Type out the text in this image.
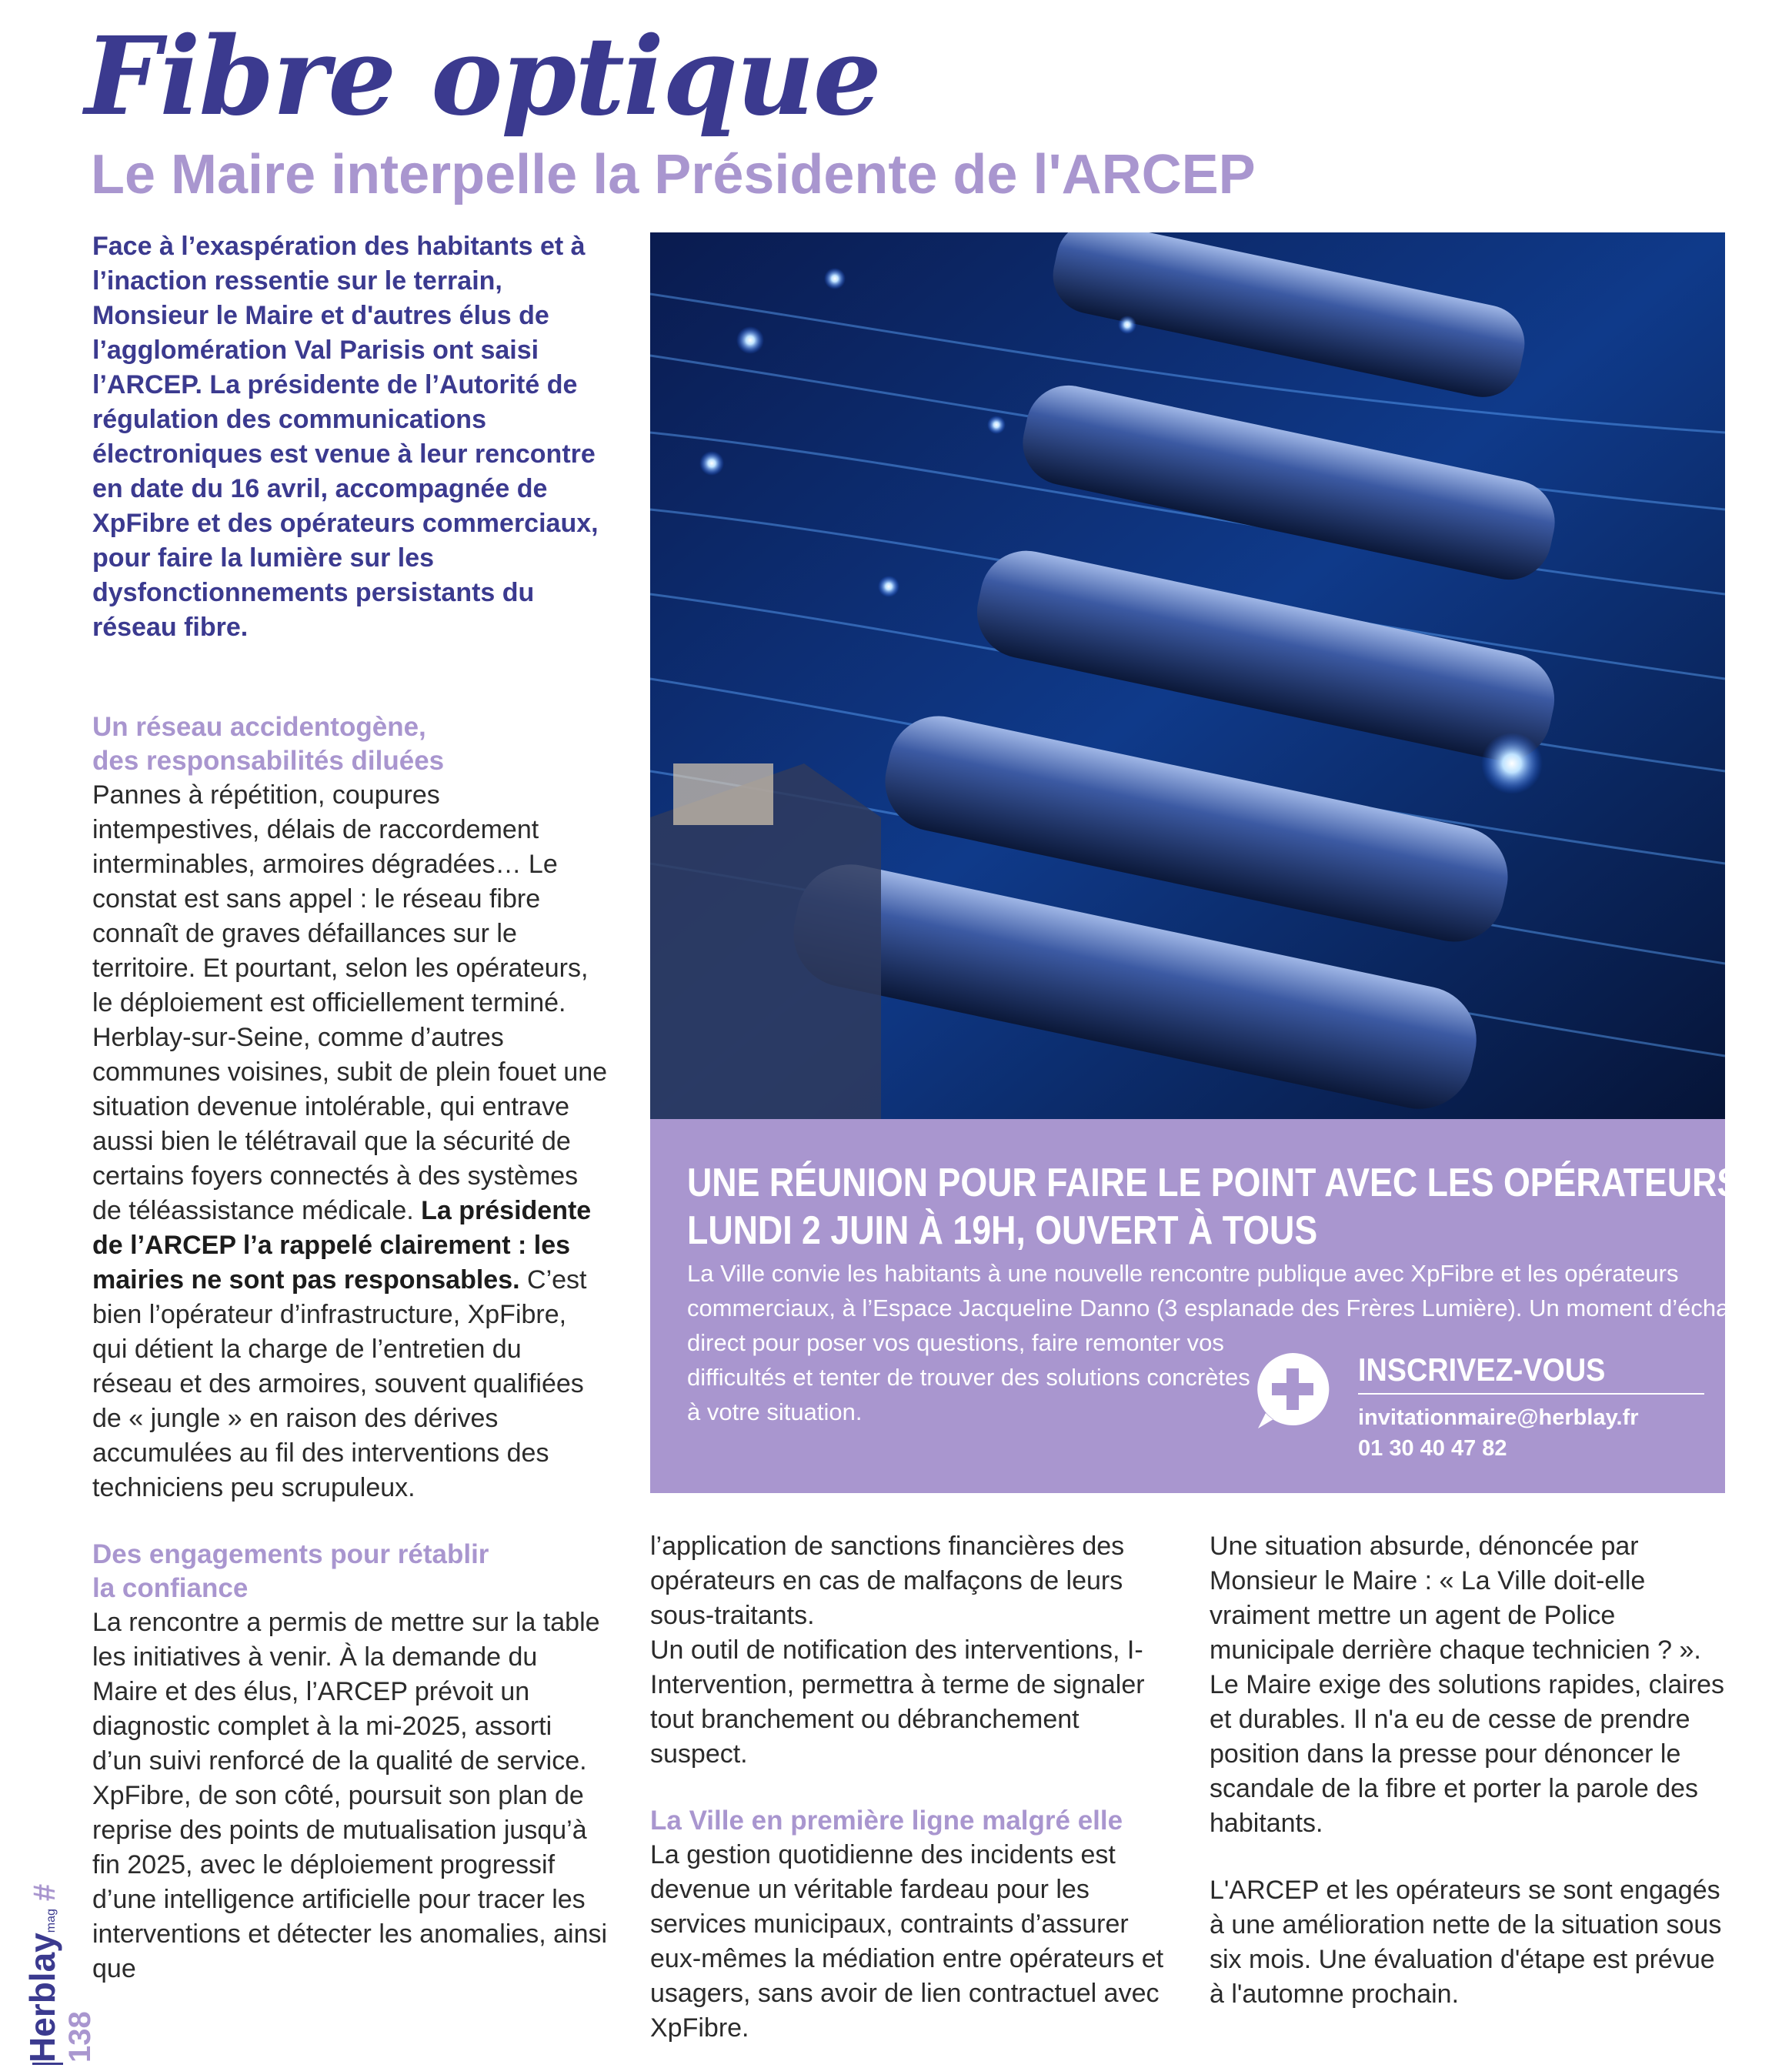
Fibre optique
Le Maire interpelle la Présidente de l'ARCEP

Face à l’exaspération des habitants et à l’inaction ressentie sur le terrain, Monsieur le Maire et d'autres élus de l’agglomération Val Parisis ont saisi l’ARCEP. La présidente de l’Autorité de régulation des communications électroniques est venue à leur rencontre en date du 16 avril, accompagnée de XpFibre et des opérateurs commerciaux, pour faire la lumière sur les dysfonctionnements persistants du réseau fibre.

Un réseau accidentogène,
des responsabilités diluées

Pannes à répétition, coupures intempestives, délais de raccordement interminables, armoires dégradées… Le constat est sans appel : le réseau fibre connaît de graves défaillances sur le territoire. Et pourtant, selon les opérateurs, le déploiement est officiellement terminé. Herblay-sur-Seine, comme d’autres communes voisines, subit de plein fouet une situation devenue intolérable, qui entrave aussi bien le télétravail que la sécurité de certains foyers connectés à des systèmes de téléassistance médicale. La présidente de l’ARCEP l’a rappelé clairement : les mairies ne sont pas responsables. C’est bien l’opérateur d’infrastructure, XpFibre, qui détient la charge de l’entretien du réseau et des armoires, souvent qualifiées de « jungle » en raison des dérives accumulées au fil des interventions des techniciens peu scrupuleux.

Des engagements pour rétablir
la confiance

La rencontre a permis de mettre sur la table les initiatives à venir. À la demande du Maire et des élus, l’ARCEP prévoit un diagnostic complet à la mi-2025, assorti d’un suivi renforcé de la qualité de service. XpFibre, de son côté, poursuit son plan de reprise des points de mutualisation jusqu’à fin 2025, avec le déploiement progressif d’une intelligence artificielle pour tracer les interventions et détecter les anomalies, ainsi que

UNE RÉUNION POUR FAIRE LE POINT AVEC LES OPÉRATEURS
LUNDI 2 JUIN À 19H, OUVERT À TOUS

La Ville convie les habitants à une nouvelle rencontre publique avec XpFibre et les opérateurs
commerciaux, à l’Espace Jacqueline Danno (3 esplanade des Frères Lumière). Un moment d’échange
direct pour poser vos questions, faire remonter vos
difficultés et tenter de trouver des solutions concrètes
à votre situation.

INSCRIVEZ-VOUS

invitationmaire@herblay.fr

01 30 40 47 82

l’application de sanctions financières des opérateurs en cas de malfaçons de leurs sous-traitants.

Un outil de notification des interventions, I-Intervention, permettra à terme de signaler tout branchement ou débranchement suspect.

La Ville en première ligne malgré elle

La gestion quotidienne des incidents est devenue un véritable fardeau pour les services municipaux, contraints d’assurer eux-mêmes la médiation entre opérateurs et usagers, sans avoir de lien contractuel avec XpFibre.

Une situation absurde, dénoncée par Monsieur le Maire : « La Ville doit-elle vraiment mettre un agent de Police municipale derrière chaque technicien ? ». Le Maire exige des solutions rapides, claires et durables. Il n'a eu de cesse de prendre position dans la presse pour dénoncer le scandale de la fibre et porter la parole des habitants.

L'ARCEP et les opérateurs se sont engagés à une amélioration nette de la situation sous six mois. Une évaluation d'étape est prévue à l'automne prochain.

Herblaymag# 138
